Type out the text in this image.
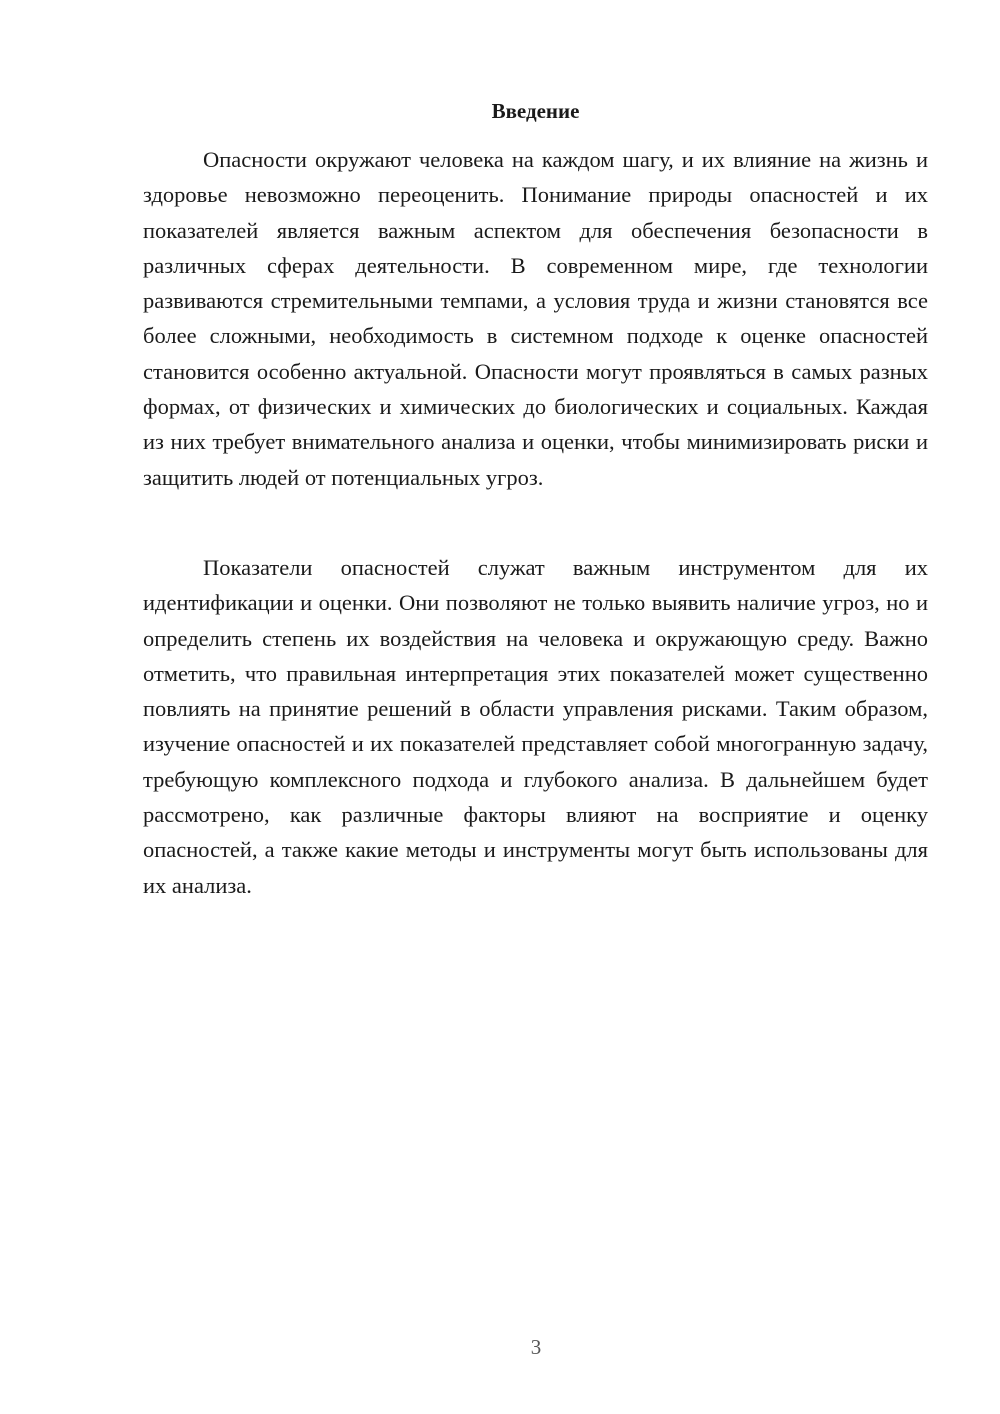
Введение

Опасности окружают человека на каждом шагу, и их влияние на жизнь и здоровье невозможно переоценить. Понимание природы опасностей и их показателей является важным аспектом для обеспечения безопасности в различных сферах деятельности. В современном мире, где технологии развиваются стремительными темпами, а условия труда и жизни становятся все более сложными, необходимость в системном подходе к оценке опасностей становится особенно актуальной. Опасности могут проявляться в самых разных формах, от физических и химических до биологических и социальных. Каждая из них требует внимательного анализа и оценки, чтобы минимизировать риски и защитить людей от потенциальных угроз.

Показатели опасностей служат важным инструментом для их идентификации и оценки. Они позволяют не только выявить наличие угроз, но и определить степень их воздействия на человека и окружающую среду. Важно отметить, что правильная интерпретация этих показателей может существенно повлиять на принятие решений в области управления рисками. Таким образом, изучение опасностей и их показателей представляет собой многогранную задачу, требующую комплексного подхода и глубокого анализа. В дальнейшем будет рассмотрено, как различные факторы влияют на восприятие и оценку опасностей, а также какие методы и инструменты могут быть использованы для их анализа.

3
